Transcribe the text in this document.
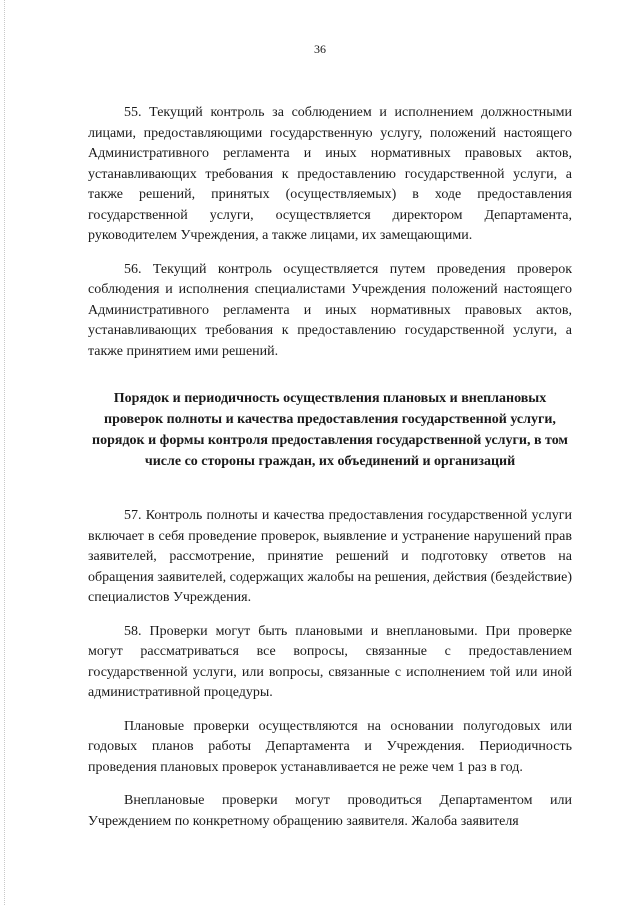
36

55. Текущий контроль за соблюдением и исполнением должностными лицами, предоставляющими государственную услугу, положений настоящего Административного регламента и иных нормативных правовых актов, устанавливающих требования к предоставлению государственной услуги, а также решений, принятых (осуществляемых) в ходе предоставления государственной услуги, осуществляется директором Департамента, руководителем Учреждения, а также лицами, их замещающими.

56. Текущий контроль осуществляется путем проведения проверок соблюдения и исполнения специалистами Учреждения положений настоящего Административного регламента и иных нормативных правовых актов, устанавливающих требования к предоставлению государственной услуги, а также принятием ими решений.

Порядок и периодичность осуществления плановых и внеплановых проверок полноты и качества предоставления государственной услуги, порядок и формы контроля предоставления государственной услуги, в том числе со стороны граждан, их объединений и организаций

57. Контроль полноты и качества предоставления государственной услуги включает в себя проведение проверок, выявление и устранение нарушений прав заявителей, рассмотрение, принятие решений и подготовку ответов на обращения заявителей, содержащих жалобы на решения, действия (бездействие) специалистов Учреждения.

58. Проверки могут быть плановыми и внеплановыми. При проверке могут рассматриваться все вопросы, связанные с предоставлением государственной услуги, или вопросы, связанные с исполнением той или иной административной процедуры.

Плановые проверки осуществляются на основании полугодовых или годовых планов работы Департамента и Учреждения. Периодичность проведения плановых проверок устанавливается не реже чем 1 раз в год.

Внеплановые проверки могут проводиться Департаментом или Учреждением по конкретному обращению заявителя. Жалоба заявителя
